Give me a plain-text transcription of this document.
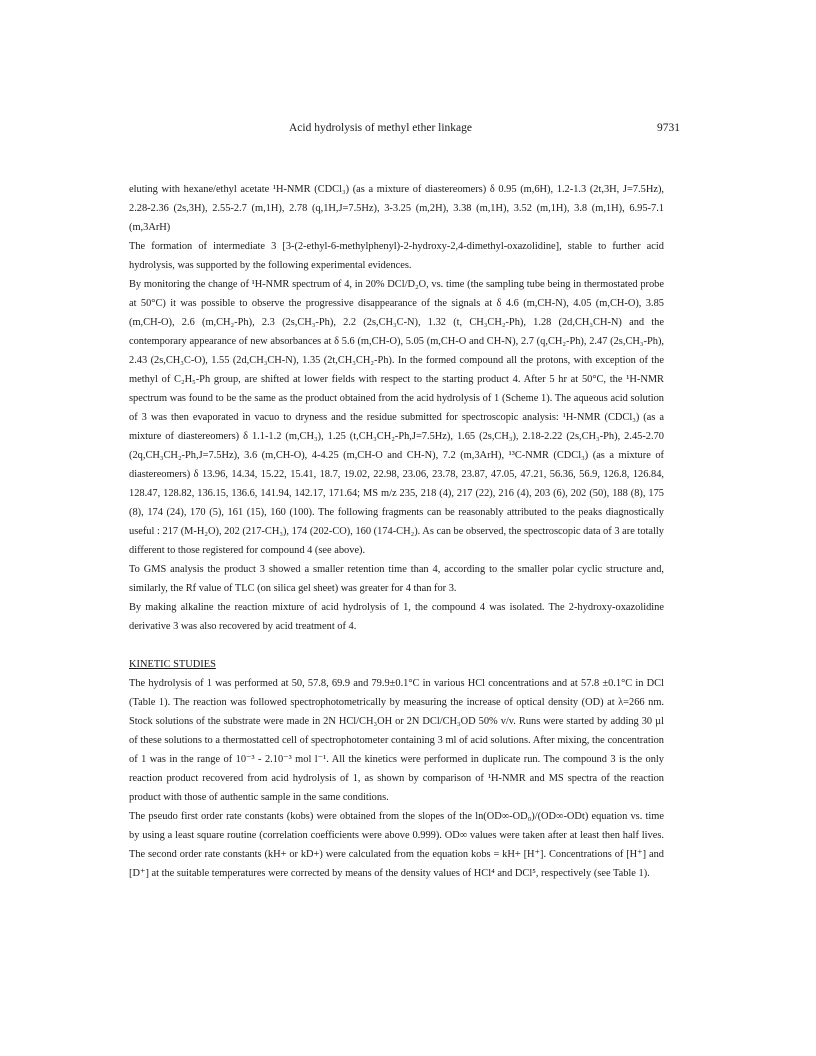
Acid hydrolysis of methyl ether linkage	9731

eluting with hexane/ethyl acetate ¹H-NMR (CDCl₃) (as a mixture of diastereomers) δ 0.95 (m,6H), 1.2-1.3 (2t,3H, J=7.5Hz), 2.28-2.36 (2s,3H), 2.55-2.7 (m,1H), 2.78 (q,1H,J=7.5Hz), 3-3.25 (m,2H), 3.38 (m,1H), 3.52 (m,1H), 3.8 (m,1H), 6.95-7.1 (m,3ArH)

The formation of intermediate 3 [3-(2-ethyl-6-methylphenyl)-2-hydroxy-2,4-dimethyl-oxazolidine], stable to further acid hydrolysis, was supported by the following experimental evidences.

By monitoring the change of ¹H-NMR spectrum of 4, in 20% DCl/D₂O, vs. time (the sampling tube being in thermostated probe at 50°C) it was possible to observe the progressive disappearance of the signals at δ 4.6 (m,CH-N), 4.05 (m,CH-O), 3.85 (m,CH-O), 2.6 (m,CH₂-Ph), 2.3 (2s,CH₃-Ph), 2.2 (2s,CH₃C-N), 1.32 (t, CH₃CH₂-Ph), 1.28 (2d,CH₃CH-N) and the contemporary appearance of new absorbances at δ 5.6 (m,CH-O), 5.05 (m,CH-O and CH-N), 2.7 (q,CH₂-Ph), 2.47 (2s,CH₃-Ph), 2.43 (2s,CH₃C-O), 1.55 (2d,CH₃CH-N), 1.35 (2t,CH₃CH₂-Ph). In the formed compound all the protons, with exception of the methyl of C₂H₅-Ph group, are shifted at lower fields with respect to the starting product 4. After 5 hr at 50°C, the ¹H-NMR spectrum was found to be the same as the product obtained from the acid hydrolysis of 1 (Scheme 1). The aqueous acid solution of 3 was then evaporated in vacuo to dryness and the residue submitted for spectroscopic analysis: ¹H-NMR (CDCl₃) (as a mixture of diastereomers) δ 1.1-1.2 (m,CH₃), 1.25 (t,CH₃CH₂-Ph,J=7.5Hz), 1.65 (2s,CH₃), 2.18-2.22 (2s,CH₃-Ph), 2.45-2.70 (2q,CH₃CH₂-Ph,J=7.5Hz), 3.6 (m,CH-O), 4-4.25 (m,CH-O and CH-N), 7.2 (m,3ArH), ¹³C-NMR (CDCl₃) (as a mixture of diastereomers) δ 13.96, 14.34, 15.22, 15.41, 18.7, 19.02, 22.98, 23.06, 23.78, 23.87, 47.05, 47.21, 56.36, 56.9, 126.8, 126.84, 128.47, 128.82, 136.15, 136.6, 141.94, 142.17, 171.64; MS m/z 235, 218 (4), 217 (22), 216 (4), 203 (6), 202 (50), 188 (8), 175 (8), 174 (24), 170 (5), 161 (15), 160 (100). The following fragments can be reasonably attributed to the peaks diagnostically useful : 217 (M-H₂O), 202 (217-CH₃), 174 (202-CO), 160 (174-CH₂). As can be observed, the spectroscopic data of 3 are totally different to those registered for compound 4 (see above).

To GMS analysis the product 3 showed a smaller retention time than 4, according to the smaller polar cyclic structure and, similarly, the Rf value of TLC (on silica gel sheet) was greater for 4 than for 3.

By making alkaline the reaction mixture of acid hydrolysis of 1, the compound 4 was isolated. The 2-hydroxy-oxazolidine derivative 3 was also recovered by acid treatment of 4.

KINETIC STUDIES

The hydrolysis of 1 was performed at 50, 57.8, 69.9 and 79.9±0.1°C in various HCl concentrations and at 57.8 ±0.1°C in DCl (Table 1). The reaction was followed spectrophotometrically by measuring the increase of optical density (OD) at λ=266 nm. Stock solutions of the substrate were made in 2N HCl/CH₃OH or 2N DCl/CH₃OD 50% v/v. Runs were started by adding 30 µl of these solutions to a thermostatted cell of spectrophotometer containing 3 ml of acid solutions. After mixing, the concentration of 1 was in the range of 10⁻³ - 2.10⁻³ mol l⁻¹. All the kinetics were performed in duplicate run. The compound 3 is the only reaction product recovered from acid hydrolysis of 1, as shown by comparison of ¹H-NMR and MS spectra of the reaction product with those of authentic sample in the same conditions.

The pseudo first order rate constants (kobs) were obtained from the slopes of the ln(OD∞-OD₀)/(OD∞-ODt) equation vs. time by using a least square routine (correlation coefficients were above 0.999). OD∞ values were taken after at least then half lives. The second order rate constants (kH+ or kD+) were calculated from the equation kobs = kH+ [H⁺]. Concentrations of [H⁺] and [D⁺] at the suitable temperatures were corrected by means of the density values of HCl⁴ and DCl⁵, respectively (see Table 1).
